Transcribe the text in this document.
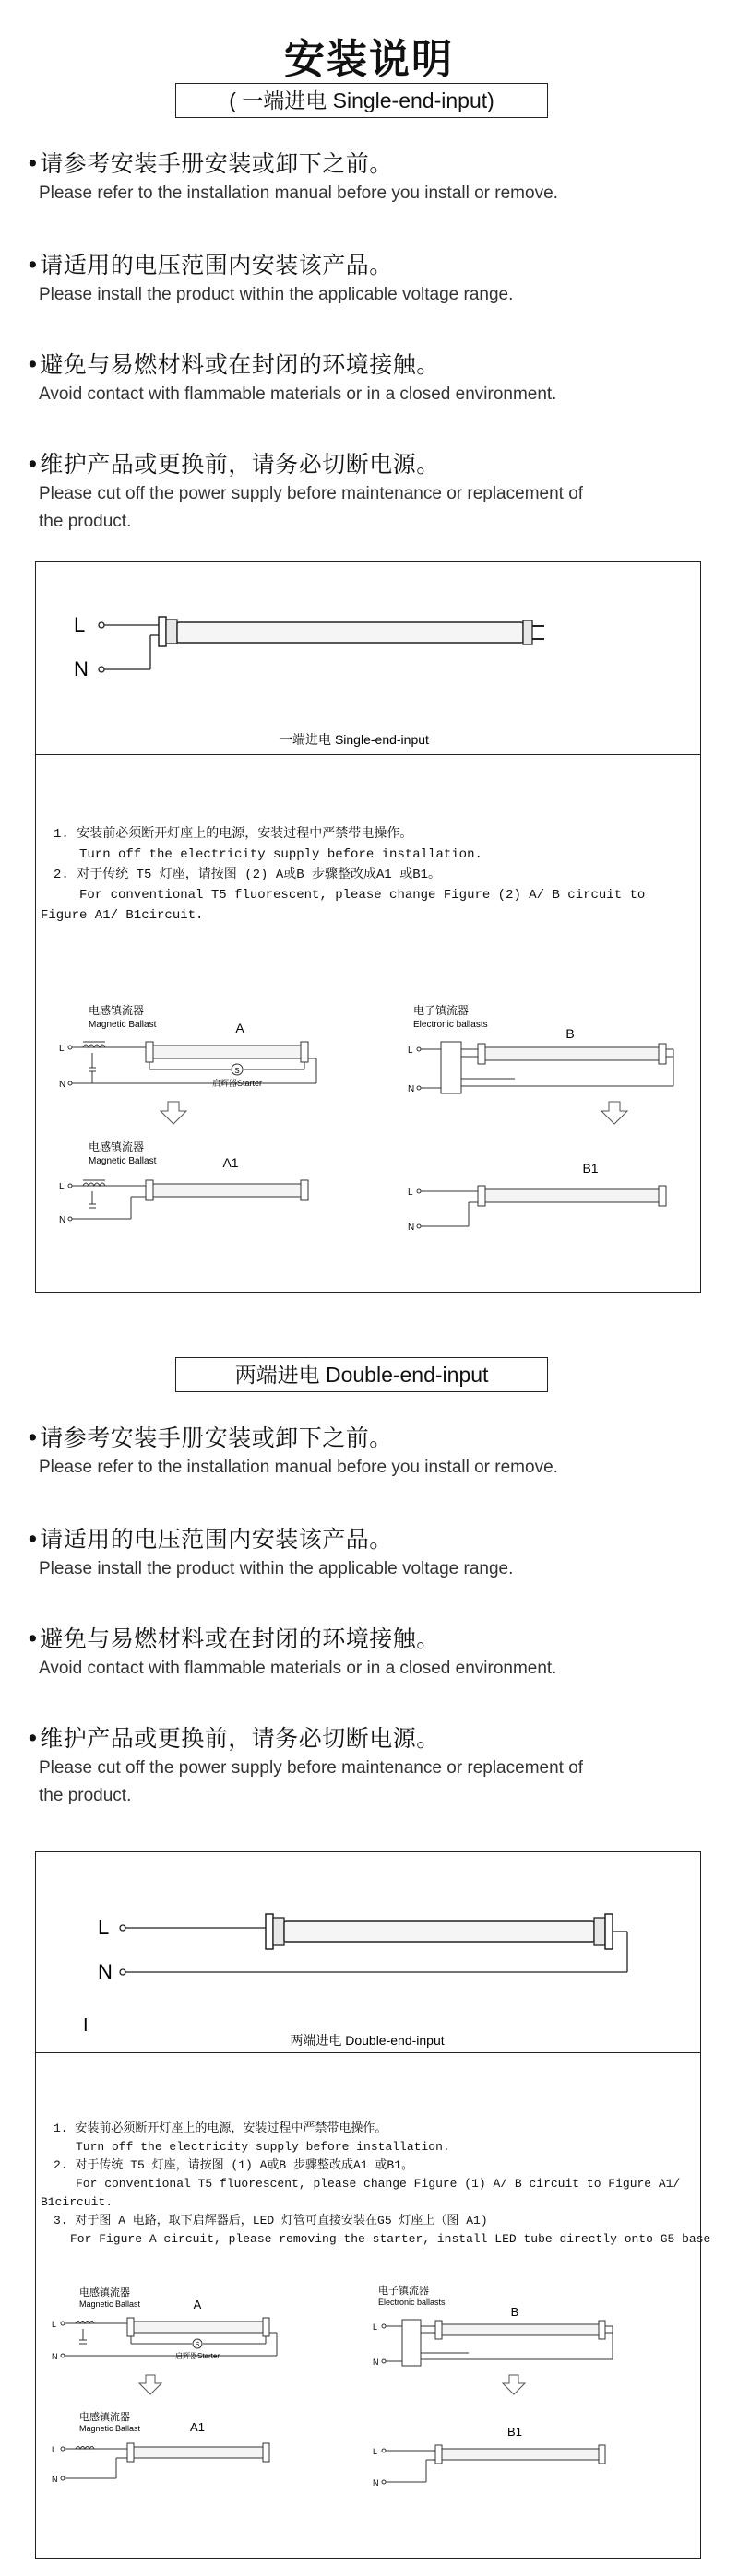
安装说明
( 一端进电 Single-end-input)
•请参考安装手册安装或卸下之前。
Please refer to the installation manual before you install or remove.
•请适用的电压范围内安装该产品。
Please install the product within the applicable voltage range.
•避免与易燃材料或在封闭的环境接触。
Avoid contact with flammable materials or in a closed environment.
•维护产品或更换前，请务必切断电源。
Please cut off the power supply before maintenance or replacement of
the product.
L
N
一端进电 Single-end-input
1. 安装前必须断开灯座上的电源，安装过程中严禁带电操作。
Turn off the electricity supply before installation.
2. 对于传统 T5 灯座，请按图 (2) A或B 步骤整改成A1 或B1。
For conventional T5 fluorescent, please change Figure (2) A/ B circuit to
Figure A1/ B1circuit.
电感镇流器
Magnetic Ballast	A
L
N
S
启辉器Starter
电感镇流器
Magnetic Ballast	A1
L
N
电子镇流器
Electronic ballasts
B
L
N
B1
L
N
两端进电 Double-end-input
•请参考安装手册安装或卸下之前。
Please refer to the installation manual before you install or remove.
•请适用的电压范围内安装该产品。
Please install the product within the applicable voltage range.
•避免与易燃材料或在封闭的环境接触。
Avoid contact with flammable materials or in a closed environment.
•维护产品或更换前，请务必切断电源。
Please cut off the power supply before maintenance or replacement of
the product.
L
N
I
两端进电 Double-end-input
1. 安装前必须断开灯座上的电源，安装过程中严禁带电操作。
Turn off the electricity supply before installation.
2. 对于传统 T5 灯座，请按图 (1) A或B 步骤整改成A1 或B1。
For conventional T5 fluorescent, please change Figure (1) A/ B circuit to Figure A1/
B1circuit.
3. 对于图 A 电路，取下启辉器后，LED 灯管可直接安装在G5 灯座上（图 A1)
For Figure A circuit, please removing the starter, install LED tube directly onto G5 base
电感镇流器
Magnetic Ballast	A
L
N
S
启辉器Starter
电感镇流器
Magnetic Ballast	A1
L
N
电子镇流器
Electronic ballasts
B
L
N
B1
L
N
